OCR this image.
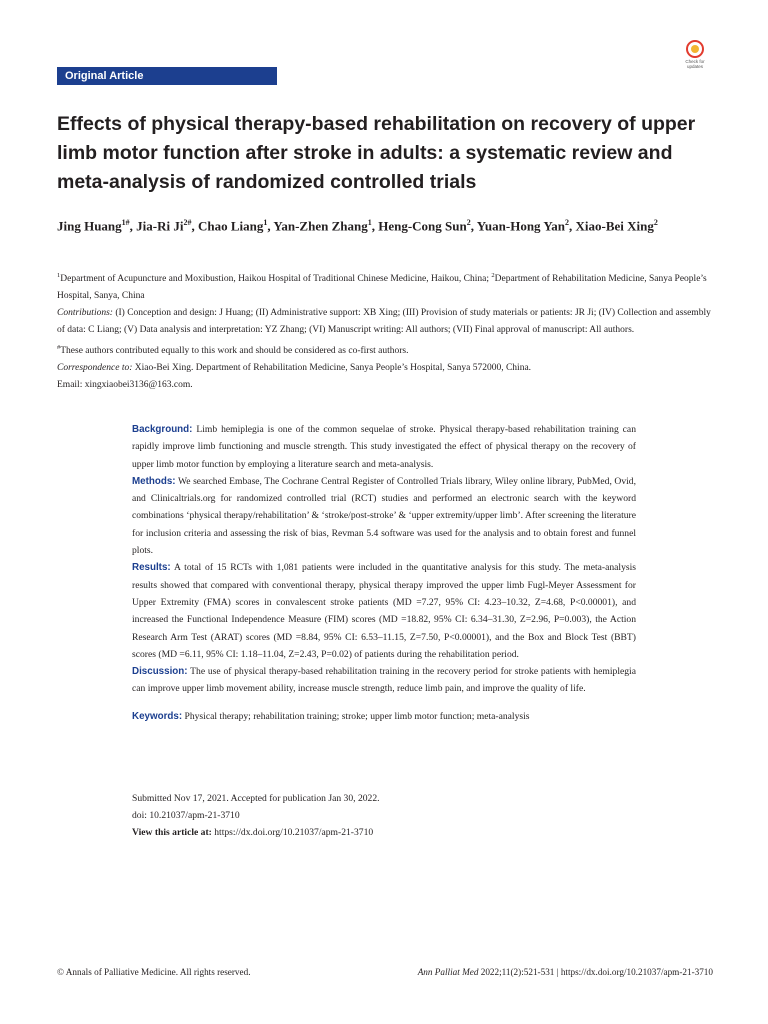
Original Article
Check for updates
Effects of physical therapy-based rehabilitation on recovery of upper limb motor function after stroke in adults: a systematic review and meta-analysis of randomized controlled trials
Jing Huang$^{1\#}$, Jia-Ri $Ji^{2\#}$, Chao Liang$^1$, Yan-Zhen Zhang$^1$, Heng-Cong Sun$^2$, Yuan-Hong Yan$^2$, Xiao-Bei Xing$^2$

$^1$Department of Acupuncture and Moxibustion, Haikou Hospital of Traditional Chinese Medicine, Haikou, China; $^2$Department of Rehabilitation Medicine, Sanya People’s Hospital, Sanya, China

Contributions: (I) Conception and design: J Huang; (II) Administrative support: XB Xing; (III) Provision of study materials or patients: JR Ji; (IV) Collection and assembly of data: C Liang; (V) Data analysis and interpretation: YZ Zhang; (VI) Manuscript writing: All authors; (VII) Final approval of manuscript: All authors.

#These authors contributed equally to this work and should be considered as co-first authors.

Correspondence to: Xiao-Bei Xing. Department of Rehabilitation Medicine, Sanya People’s Hospital, Sanya 572000, China.

Email: xingxiaobei3136@163.com.

Background: Limb hemiplegia is one of the common sequelae of stroke. Physical therapy-based rehabilitation training can rapidly improve limb functioning and muscle strength. This study investigated the effect of physical therapy on the recovery of upper limb motor function by employing a literature search and meta-analysis.

Methods: We searched Embase, The Cochrane Central Register of Controlled Trials library, Wiley online library, PubMed, Ovid, and Clinicaltrials.org for randomized controlled trial (RCT) studies and performed an electronic search with the keyword combinations ‘physical therapy/rehabilitation’ & ‘stroke/post-stroke’ & ‘upper extremity/upper limb’. After screening the literature for inclusion criteria and assessing the risk of bias, Revman 5.4 software was used for the analysis and to obtain forest and funnel plots.

Results: A total of 15 RCTs with 1,081 patients were included in the quantitative analysis for this study. The meta-analysis results showed that compared with conventional therapy, physical therapy improved the upper limb Fugl-Meyer Assessment for Upper Extremity (FMA) scores in convalescent stroke patients (MD =7.27, 95% CI: 4.23–10.32, Z=4.68, P<0.00001), and increased the Functional Independence Measure (FIM) scores (MD =18.82, 95% CI: 6.34–31.30, Z=2.96, P=0.003), the Action Research Arm Test (ARAT) scores (MD =8.84, 95% CI: 6.53–11.15, Z=7.50, P<0.00001), and the Box and Block Test (BBT) scores (MD =6.11, 95% CI: 1.18–11.04, Z=2.43, P=0.02) of patients during the rehabilitation period.

Discussion: The use of physical therapy-based rehabilitation training in the recovery period for stroke patients with hemiplegia can improve upper limb movement ability, increase muscle strength, reduce limb pain, and improve the quality of life.

Keywords: Physical therapy; rehabilitation training; stroke; upper limb motor function; meta-analysis

Submitted Nov 17, 2021. Accepted for publication Jan 30, 2022.

doi: 10.21037/apm-21-3710

View this article at: https://dx.doi.org/10.21037/apm-21-3710

© Annals of Palliative Medicine. All rights reserved.	Ann Palliat Med 2022;11(2):521-531 | https://dx.doi.org/10.21037/apm-21-3710
